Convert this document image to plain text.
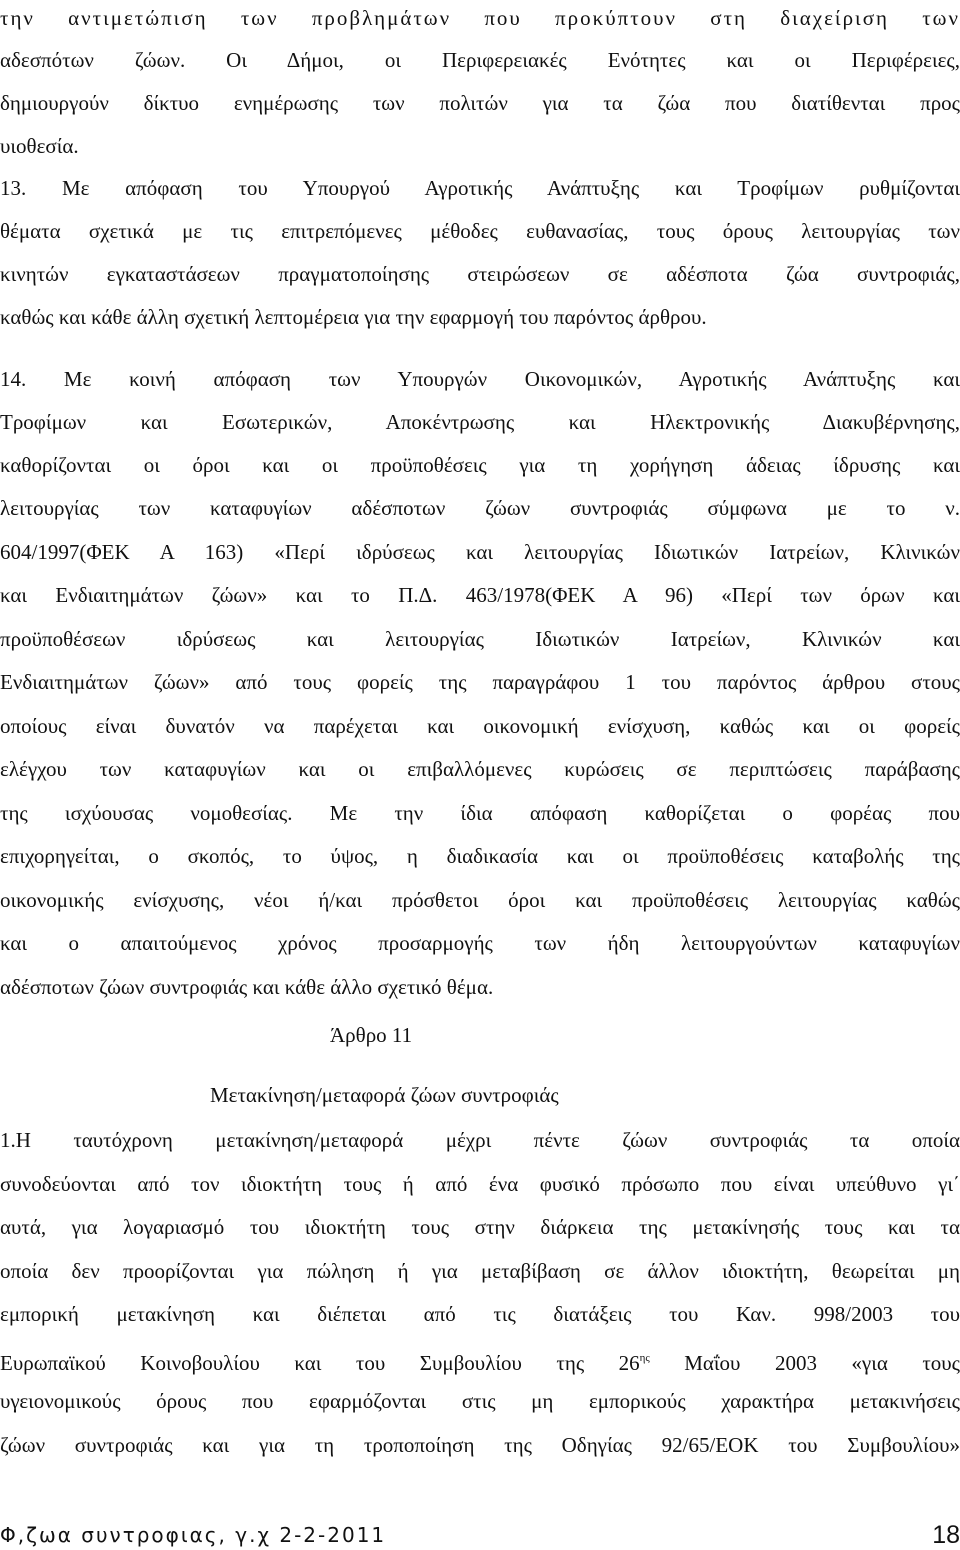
την αντιμετώπιση των προβλημάτων που προκύπτουν στη διαχείριση των

αδεσπότων ζώων. Οι Δήμοι, οι Περιφερειακές Ενότητες και οι Περιφέρειες,

δημιουργούν δίκτυο ενημέρωσης των πολιτών για τα ζώα που διατίθενται προς

υιοθεσία.

13. Με απόφαση του Υπουργού Αγροτικής Ανάπτυξης και Τροφίμων ρυθμίζονται

θέματα σχετικά με τις επιτρεπόμενες μέθοδες ευθανασίας, τους όρους λειτουργίας των

κινητών εγκαταστάσεων πραγματοποίησης στειρώσεων σε αδέσποτα ζώα συντροφιάς,

καθώς και κάθε άλλη σχετική λεπτομέρεια για την εφαρμογή του παρόντος άρθρου.

14. Με κοινή απόφαση των Υπουργών Οικονομικών, Αγροτικής Ανάπτυξης και

Τροφίμων και Εσωτερικών, Αποκέντρωσης και Ηλεκτρονικής Διακυβέρνησης,

καθορίζονται οι όροι και οι προϋποθέσεις για τη χορήγηση άδειας ίδρυσης και

λειτουργίας των καταφυγίων αδέσποτων ζώων συντροφιάς σύμφωνα με το ν.

604/1997(ΦΕΚ Α 163) «Περί ιδρύσεως και λειτουργίας Ιδιωτικών Ιατρείων, Κλινικών

και Ενδιαιτημάτων ζώων» και το Π.Δ. 463/1978(ΦΕΚ Α 96) «Περί των όρων και

προϋποθέσεων ιδρύσεως και λειτουργίας Ιδιωτικών Ιατρείων, Κλινικών και

Ενδιαιτημάτων ζώων» από τους φορείς της παραγράφου 1 του παρόντος άρθρου στους

οποίους είναι δυνατόν να παρέχεται και οικονομική ενίσχυση, καθώς και οι φορείς

ελέγχου των καταφυγίων και οι επιβαλλόμενες κυρώσεις σε περιπτώσεις παράβασης

της ισχύουσας νομοθεσίας. Με την ίδια απόφαση καθορίζεται ο φορέας που

επιχορηγείται, ο σκοπός, το ύψος, η διαδικασία και οι προϋποθέσεις καταβολής της

οικονομικής ενίσχυσης, νέοι ή/και πρόσθετοι όροι και προϋποθέσεις λειτουργίας καθώς

και ο απαιτούμενος χρόνος προσαρμογής των ήδη λειτουργούντων καταφυγίων

αδέσποτων ζώων συντροφιάς και κάθε άλλο σχετικό θέμα.

Άρθρο 11

Μετακίνηση/μεταφορά ζώων συντροφιάς

1.Η ταυτόχρονη μετακίνηση/μεταφορά μέχρι πέντε ζώων συντροφιάς τα οποία

συνοδεύονται από τον ιδιοκτήτη τους ή από ένα φυσικό πρόσωπο που είναι υπεύθυνο γι΄

αυτά, για λογαριασμό του ιδιοκτήτη τους στην διάρκεια της μετακίνησής τους και τα

οποία δεν προορίζονται για πώληση ή για μεταβίβαση σε άλλον ιδιοκτήτη, θεωρείται μη

εμπορική μετακίνηση και διέπεται από τις διατάξεις του Καν. 998/2003 του

Ευρωπαϊκού Κοινοβουλίου και του Συμβουλίου της $26^{\eta\varsigma}$ Μαΐου 2003 «για τους

υγειονομικούς όρους που εφαρμόζονται στις μη εμπορικούς χαρακτήρα μετακινήσεις

ζώων συντροφιάς και για τη τροποποίηση της Οδηγίας 92/65/ΕΟΚ του Συμβουλίου»

Φ,ζωα συντροφιας, γ.χ 2-2-2011	18
